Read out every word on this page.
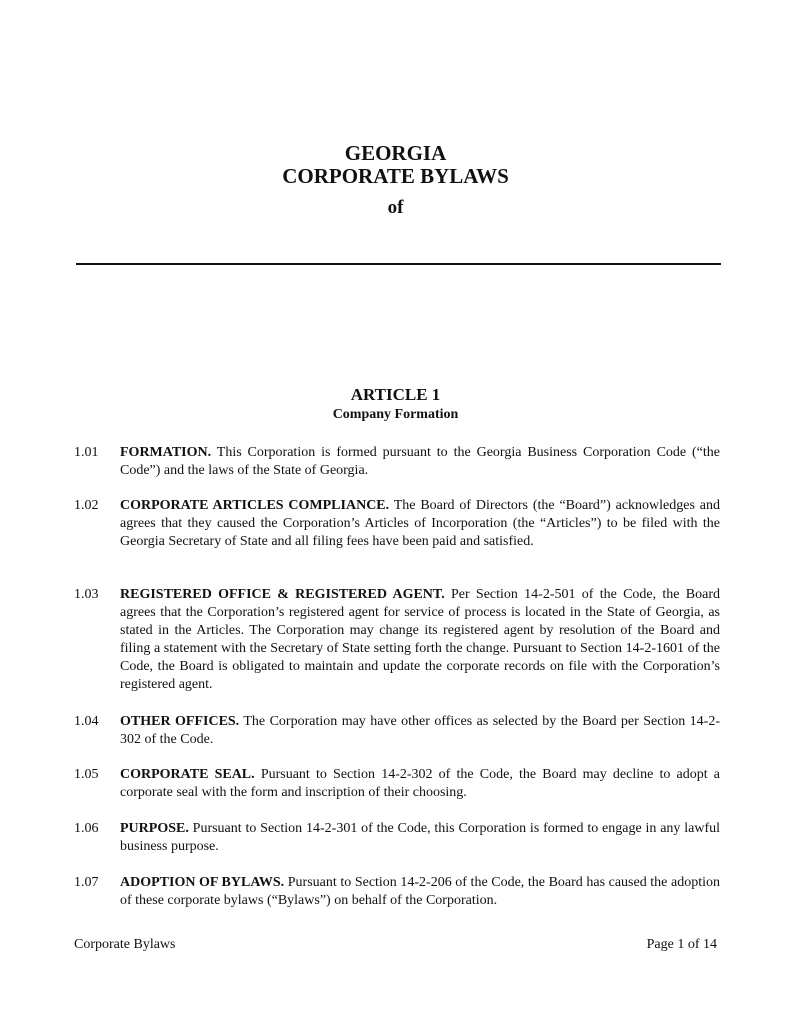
GEORGIA
CORPORATE BYLAWS
of
ARTICLE 1
Company Formation
1.01 FORMATION. This Corporation is formed pursuant to the Georgia Business Corporation Code (“the Code”) and the laws of the State of Georgia.
1.02 CORPORATE ARTICLES COMPLIANCE. The Board of Directors (the “Board”) acknowledges and agrees that they caused the Corporation’s Articles of Incorporation (the “Articles”) to be filed with the Georgia Secretary of State and all filing fees have been paid and satisfied.
1.03 REGISTERED OFFICE & REGISTERED AGENT. Per Section 14-2-501 of the Code, the Board agrees that the Corporation’s registered agent for service of process is located in the State of Georgia, as stated in the Articles. The Corporation may change its registered agent by resolution of the Board and filing a statement with the Secretary of State setting forth the change. Pursuant to Section 14-2-1601 of the Code, the Board is obligated to maintain and update the corporate records on file with the Corporation’s registered agent.
1.04 OTHER OFFICES. The Corporation may have other offices as selected by the Board per Section 14-2-302 of the Code.
1.05 CORPORATE SEAL. Pursuant to Section 14-2-302 of the Code, the Board may decline to adopt a corporate seal with the form and inscription of their choosing.
1.06 PURPOSE. Pursuant to Section 14-2-301 of the Code, this Corporation is formed to engage in any lawful business purpose.
1.07 ADOPTION OF BYLAWS. Pursuant to Section 14-2-206 of the Code, the Board has caused the adoption of these corporate bylaws (“Bylaws”) on behalf of the Corporation.
Corporate Bylaws	Page 1 of 14
